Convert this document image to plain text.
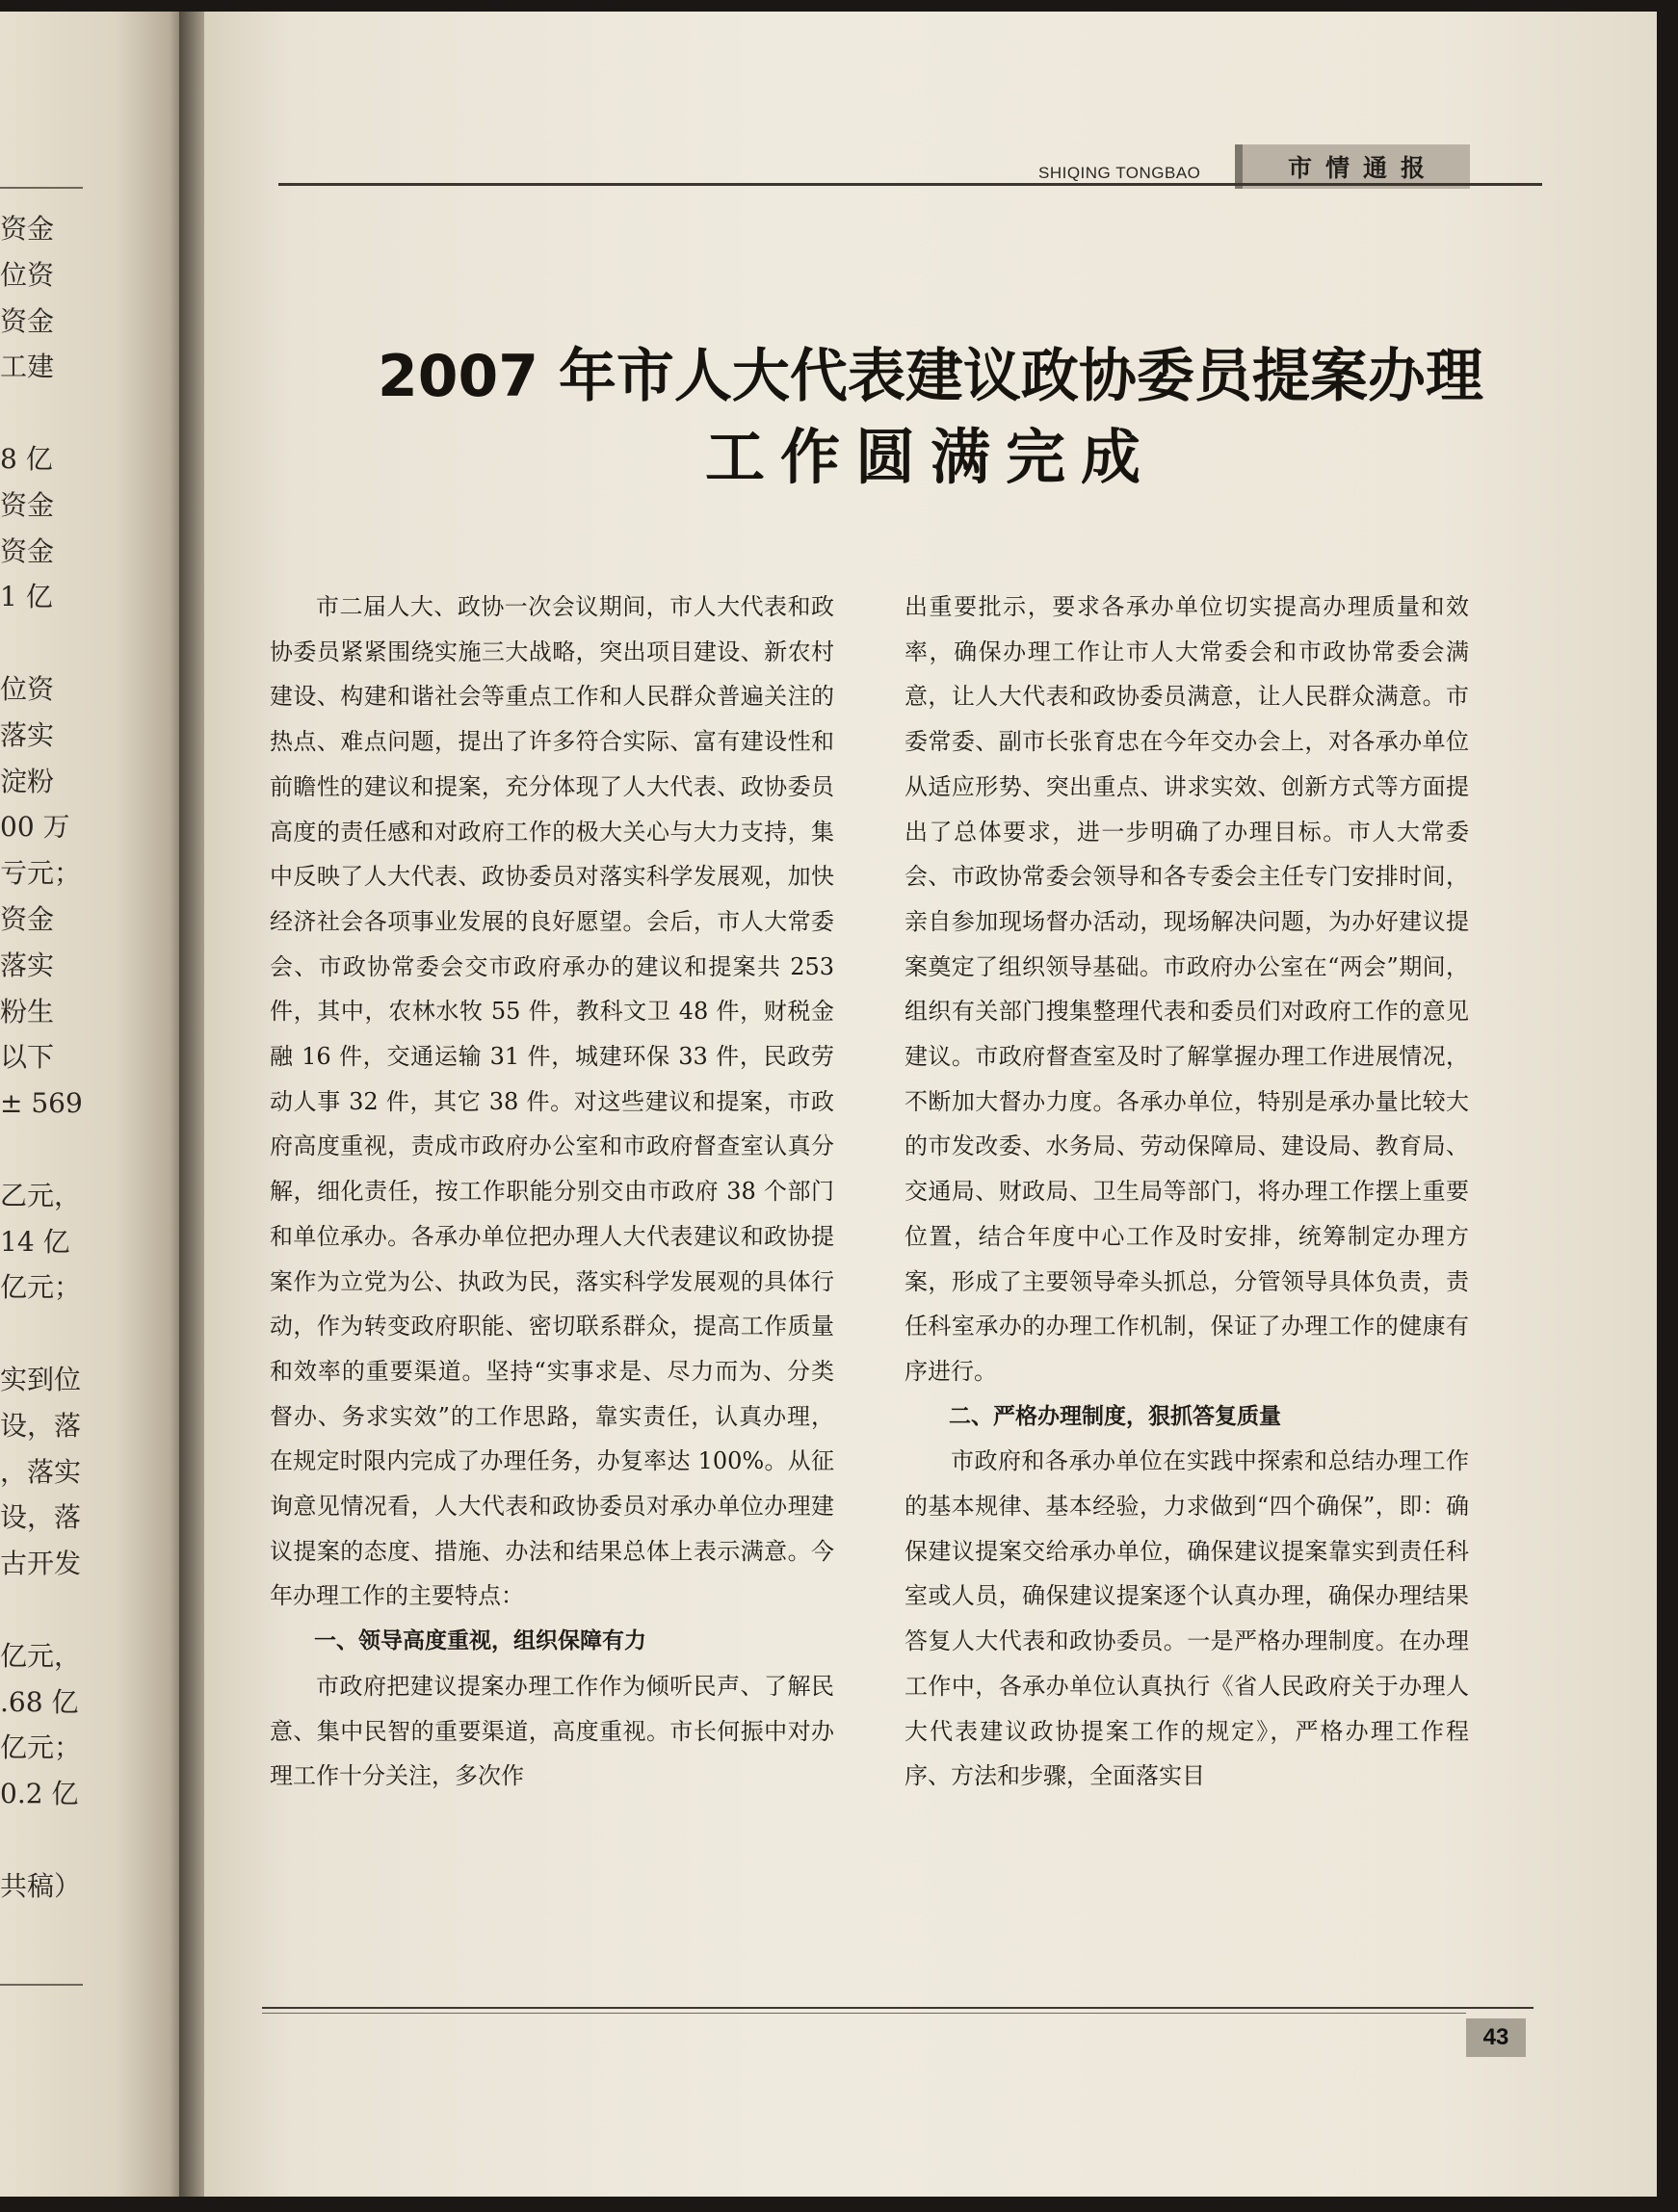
资金
位资
资金
工建
8 亿
资金
资金
1 亿
位资
落实
淀粉
00 万
亏元；
资金
落实
粉生
以下
± 569
乙元，
14 亿
亿元；
实到位
设，落
，落实
设，落
古开发
亿元，
.68 亿
亿元；
0.2 亿
共稿）
SHIQING TONGBAO	市情通报
2007 年市人大代表建议政协委员提案办理
工作圆满完成

市二届人大、政协一次会议期间，市人大代表和政协委员紧紧围绕实施三大战略，突出项目建设、新农村建设、构建和谐社会等重点工作和人民群众普遍关注的热点、难点问题，提出了许多符合实际、富有建设性和前瞻性的建议和提案，充分体现了人大代表、政协委员高度的责任感和对政府工作的极大关心与大力支持，集中反映了人大代表、政协委员对落实科学发展观，加快经济社会各项事业发展的良好愿望。会后，市人大常委会、市政协常委会交市政府承办的建议和提案共 253 件，其中，农林水牧 55 件，教科文卫 48 件，财税金融 16 件，交通运输 31 件，城建环保 33 件，民政劳动人事 32 件，其它 38 件。对这些建议和提案，市政府高度重视，责成市政府办公室和市政府督查室认真分解，细化责任，按工作职能分别交由市政府 38 个部门和单位承办。各承办单位把办理人大代表建议和政协提案作为立党为公、执政为民，落实科学发展观的具体行动，作为转变政府职能、密切联系群众，提高工作质量和效率的重要渠道。坚持“实事求是、尽力而为、分类督办、务求实效”的工作思路，靠实责任，认真办理，在规定时限内完成了办理任务，办复率达 100%。从征询意见情况看，人大代表和政协委员对承办单位办理建议提案的态度、措施、办法和结果总体上表示满意。今年办理工作的主要特点：

一、领导高度重视，组织保障有力

市政府把建议提案办理工作作为倾听民声、了解民意、集中民智的重要渠道，高度重视。市长何振中对办理工作十分关注，多次作

出重要批示，要求各承办单位切实提高办理质量和效率，确保办理工作让市人大常委会和市政协常委会满意，让人大代表和政协委员满意，让人民群众满意。市委常委、副市长张育忠在今年交办会上，对各承办单位从适应形势、突出重点、讲求实效、创新方式等方面提出了总体要求，进一步明确了办理目标。市人大常委会、市政协常委会领导和各专委会主任专门安排时间，亲自参加现场督办活动，现场解决问题，为办好建议提案奠定了组织领导基础。市政府办公室在“两会”期间，组织有关部门搜集整理代表和委员们对政府工作的意见建议。市政府督查室及时了解掌握办理工作进展情况，不断加大督办力度。各承办单位，特别是承办量比较大的市发改委、水务局、劳动保障局、建设局、教育局、交通局、财政局、卫生局等部门，将办理工作摆上重要位置，结合年度中心工作及时安排，统筹制定办理方案，形成了主要领导牵头抓总，分管领导具体负责，责任科室承办的办理工作机制，保证了办理工作的健康有序进行。

二、严格办理制度，狠抓答复质量

市政府和各承办单位在实践中探索和总结办理工作的基本规律、基本经验，力求做到“四个确保”，即：确保建议提案交给承办单位，确保建议提案靠实到责任科室或人员，确保建议提案逐个认真办理，确保办理结果答复人大代表和政协委员。一是严格办理制度。在办理工作中，各承办单位认真执行《省人民政府关于办理人大代表建议政协提案工作的规定》，严格办理工作程序、方法和步骤，全面落实目

43
